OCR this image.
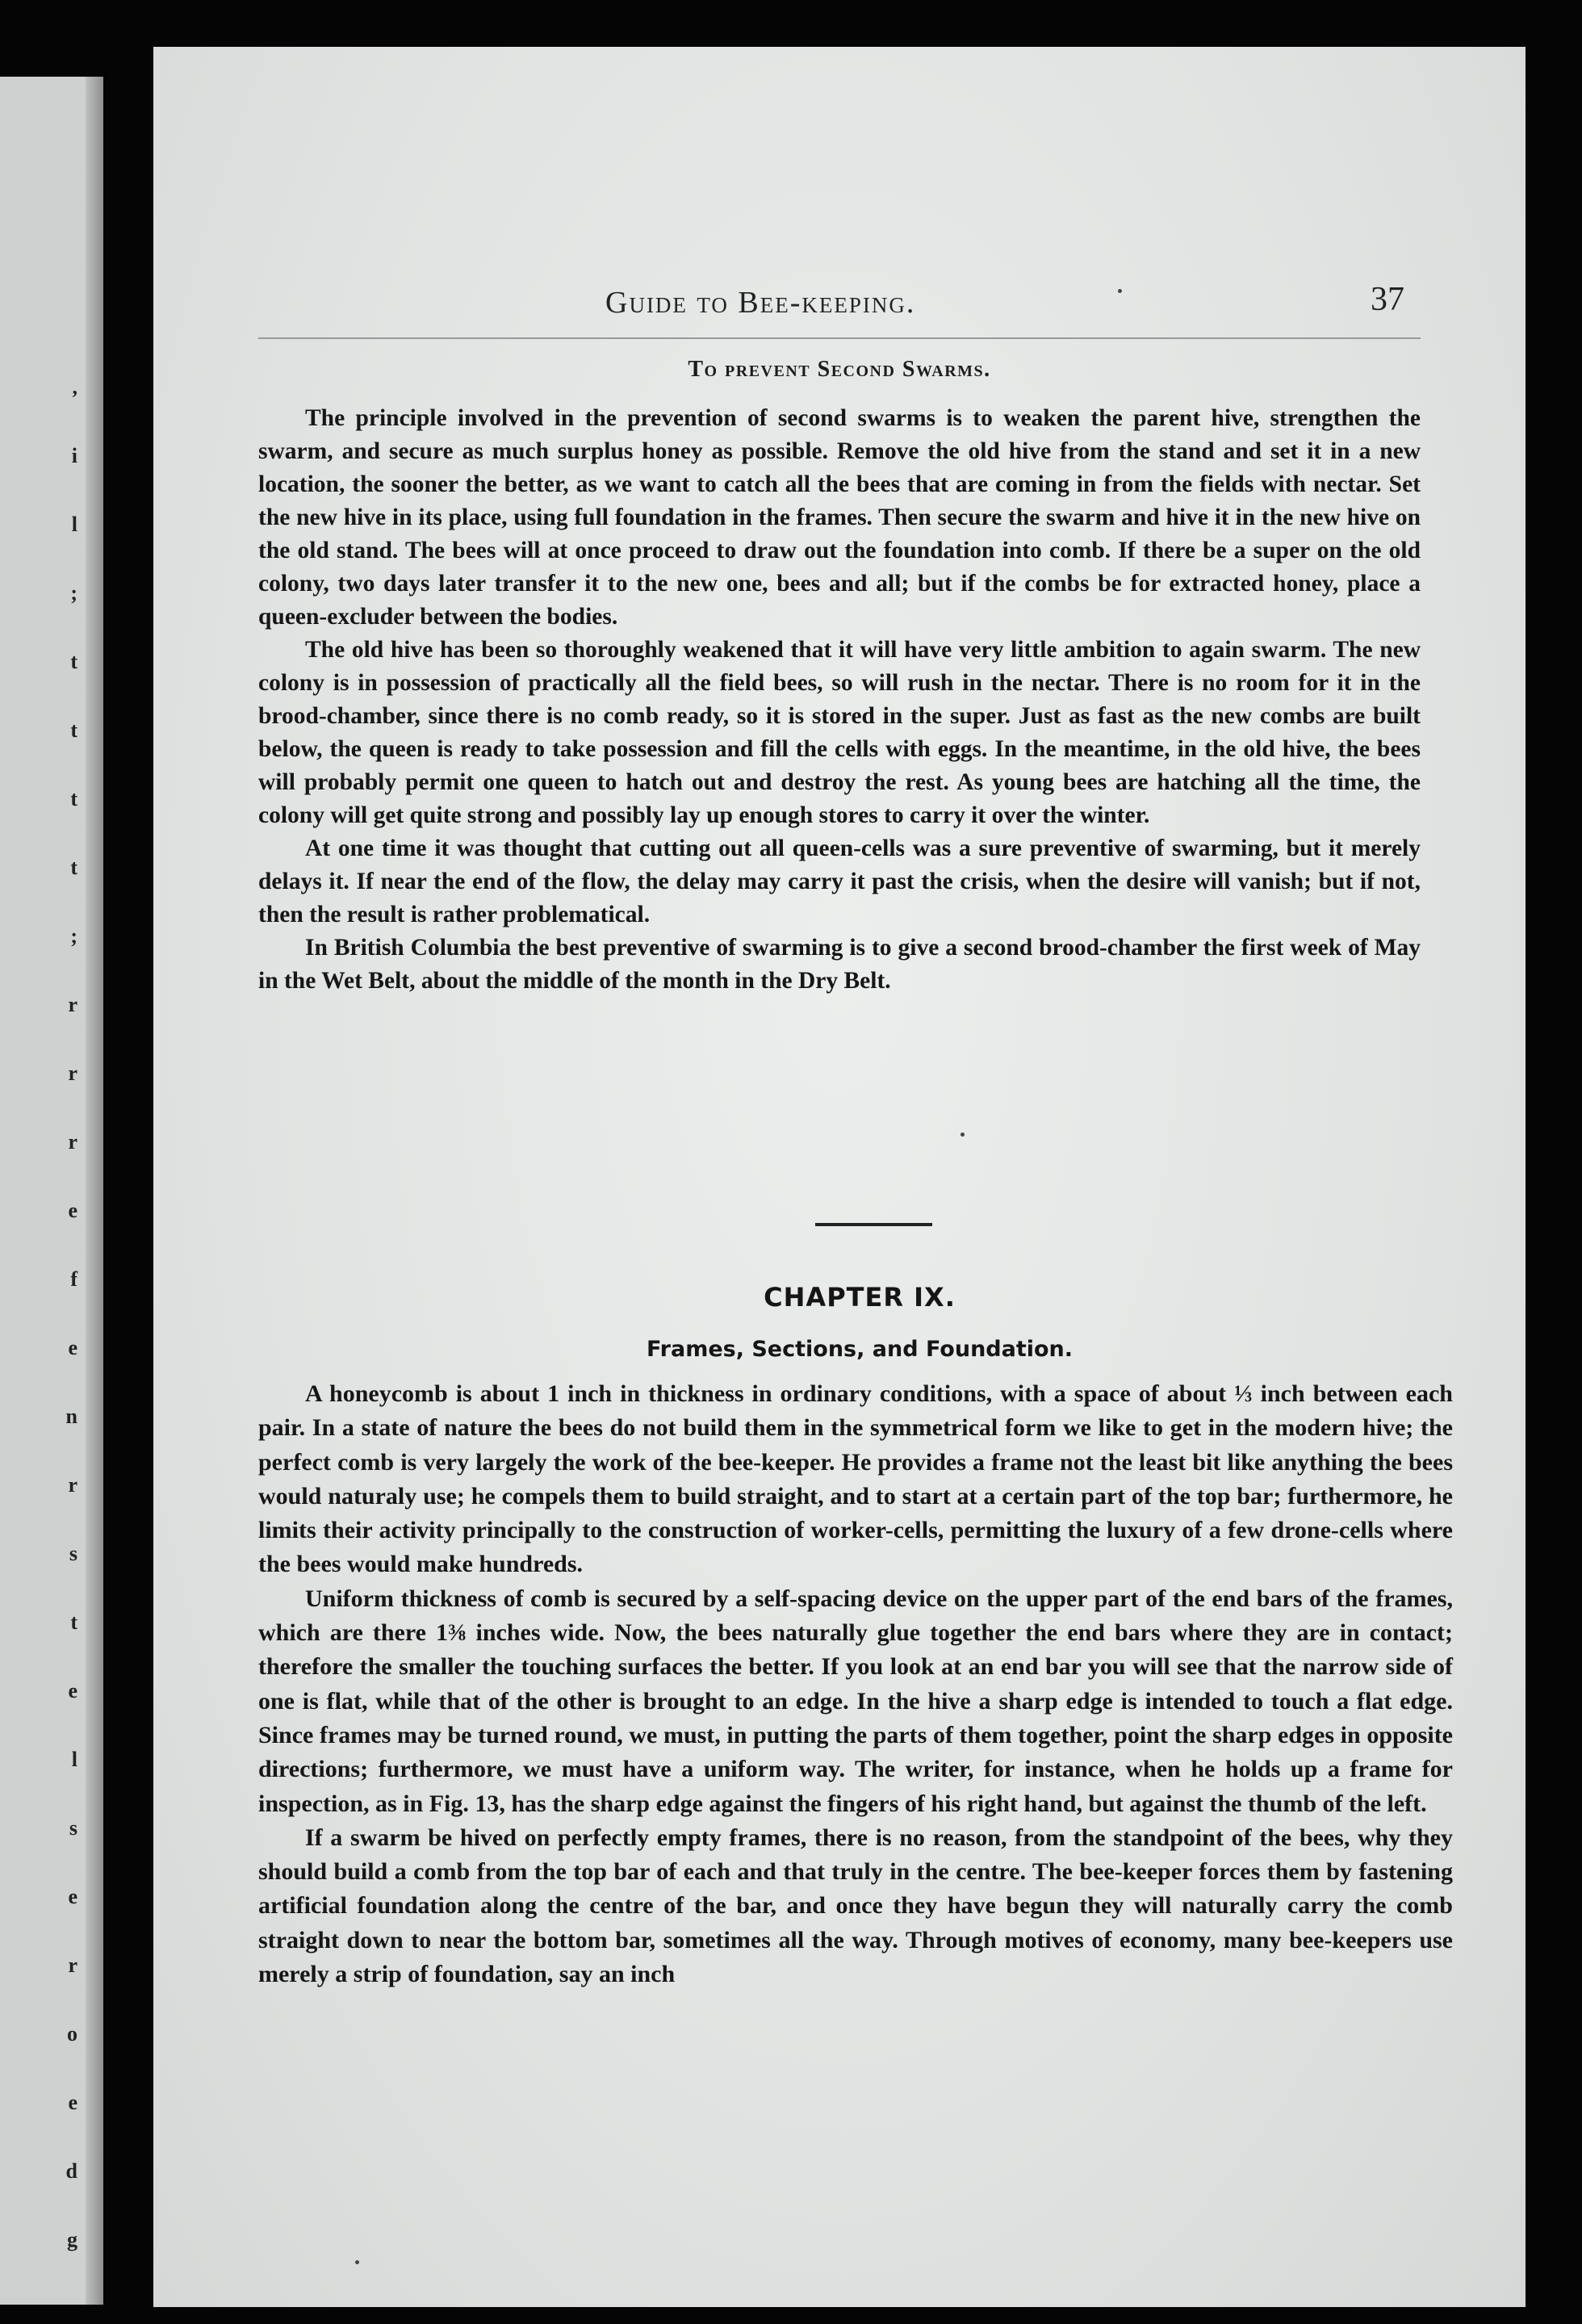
,
i
l
;
t
t
t
t
;
r
r
r
e
f
e
n
r
s
t
e
l
s
e
r
o
e
d
g
Guide to Bee-keeping.	37
To prevent Second Swarms.

The principle involved in the prevention of second swarms is to weaken the parent hive, strengthen the swarm, and secure as much surplus honey as possible. Remove the old hive from the stand and set it in a new location, the sooner the better, as we want to catch all the bees that are coming in from the fields with nectar. Set the new hive in its place, using full foundation in the frames. Then secure the swarm and hive it in the new hive on the old stand. The bees will at once proceed to draw out the foundation into comb. If there be a super on the old colony, two days later transfer it to the new one, bees and all; but if the combs be for extracted honey, place a queen-excluder between the bodies.

The old hive has been so thoroughly weakened that it will have very little ambition to again swarm. The new colony is in possession of practically all the field bees, so will rush in the nectar. There is no room for it in the brood-chamber, since there is no comb ready, so it is stored in the super. Just as fast as the new combs are built below, the queen is ready to take possession and fill the cells with eggs. In the meantime, in the old hive, the bees will probably permit one queen to hatch out and destroy the rest. As young bees are hatching all the time, the colony will get quite strong and possibly lay up enough stores to carry it over the winter.

At one time it was thought that cutting out all queen-cells was a sure preventive of swarming, but it merely delays it. If near the end of the flow, the delay may carry it past the crisis, when the desire will vanish; but if not, then the result is rather problematical.

In British Columbia the best preventive of swarming is to give a second brood-chamber the first week of May in the Wet Belt, about the middle of the month in the Dry Belt.

CHAPTER IX.
Frames, Sections, and Foundation.

A honeycomb is about 1 inch in thickness in ordinary conditions, with a space of about ⅓ inch between each pair. In a state of nature the bees do not build them in the symmetrical form we like to get in the modern hive; the perfect comb is very largely the work of the bee-keeper. He provides a frame not the least bit like anything the bees would naturaly use; he compels them to build straight, and to start at a certain part of the top bar; furthermore, he limits their activity principally to the construction of worker-cells, permitting the luxury of a few drone-cells where the bees would make hundreds.

Uniform thickness of comb is secured by a self-spacing device on the upper part of the end bars of the frames, which are there 1⅜ inches wide. Now, the bees naturally glue together the end bars where they are in contact; therefore the smaller the touching surfaces the better. If you look at an end bar you will see that the narrow side of one is flat, while that of the other is brought to an edge. In the hive a sharp edge is intended to touch a flat edge. Since frames may be turned round, we must, in putting the parts of them together, point the sharp edges in opposite directions; furthermore, we must have a uniform way. The writer, for instance, when he holds up a frame for inspection, as in Fig. 13, has the sharp edge against the fingers of his right hand, but against the thumb of the left.

If a swarm be hived on perfectly empty frames, there is no reason, from the standpoint of the bees, why they should build a comb from the top bar of each and that truly in the centre. The bee-keeper forces them by fastening artificial foundation along the centre of the bar, and once they have begun they will naturally carry the comb straight down to near the bottom bar, sometimes all the way. Through motives of economy, many bee-keepers use merely a strip of foundation, say an inch
